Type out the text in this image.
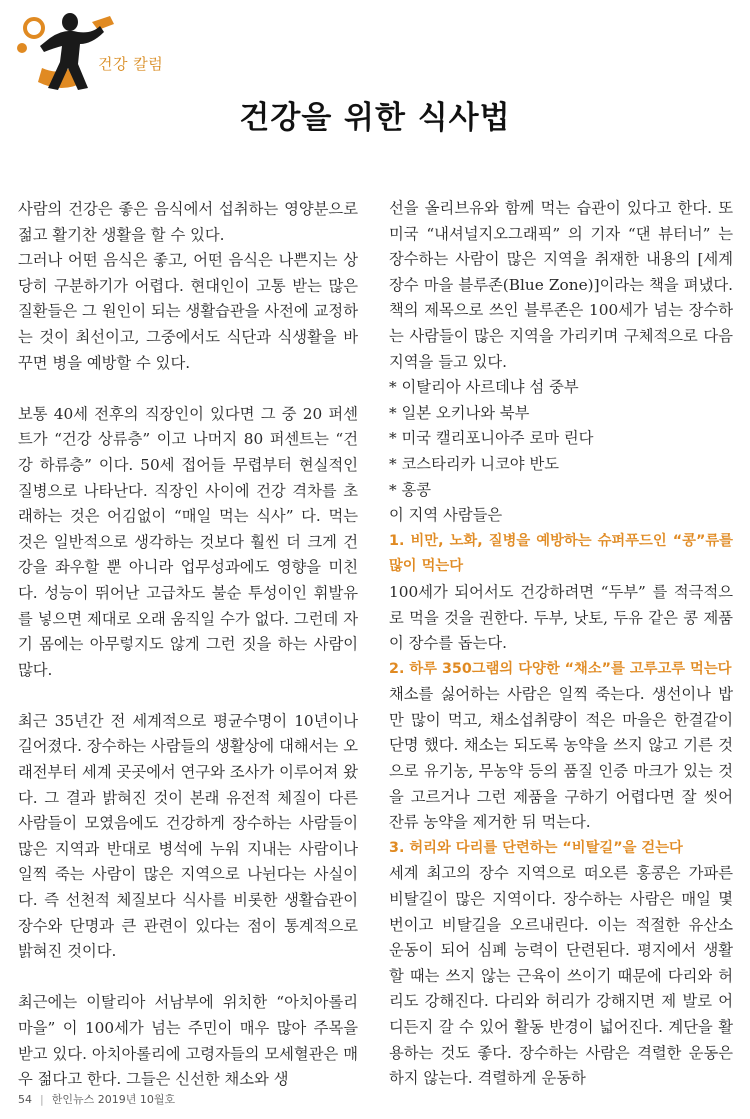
건강 칼럼
건강을 위한 식사법

사람의 건강은 좋은 음식에서 섭취하는 영양분으로 젊고 활기찬 생활을 할 수 있다.

그러나 어떤 음식은 좋고, 어떤 음식은 나쁜지는 상당히 구분하기가 어렵다. 현대인이 고통 받는 많은 질환들은 그 원인이 되는 생활습관을 사전에 교정하는 것이 최선이고, 그중에서도 식단과 식생활을 바꾸면 병을 예방할 수 있다.

보통 40세 전후의 직장인이 있다면 그 중 20 퍼센트가 “건강 상류층” 이고 나머지 80 퍼센트는 “건강 하류층” 이다. 50세 접어들 무렵부터 현실적인 질병으로 나타난다. 직장인 사이에 건강 격차를 초래하는 것은 어김없이 “매일 먹는 식사” 다. 먹는 것은 일반적으로 생각하는 것보다 훨씬 더 크게 건강을 좌우할 뿐 아니라 업무성과에도 영향을 미친다. 성능이 뛰어난 고급차도 불순 투성이인 휘발유를 넣으면 제대로 오래 움직일 수가 없다. 그런데 자기 몸에는 아무렇지도 않게 그런 짓을 하는 사람이 많다.

최근 35년간 전 세계적으로 평균수명이 10년이나 길어졌다. 장수하는 사람들의 생활상에 대해서는 오래전부터 세계 곳곳에서 연구와 조사가 이루어져 왔다. 그 결과 밝혀진 것이 본래 유전적 체질이 다른 사람들이 모였음에도 건강하게 장수하는 사람들이 많은 지역과 반대로 병석에 누워 지내는 사람이나 일찍 죽는 사람이 많은 지역으로 나뉜다는 사실이다. 즉 선천적 체질보다 식사를 비롯한 생활습관이 장수와 단명과 큰 관련이 있다는 점이 통계적으로 밝혀진 것이다.

최근에는 이탈리아 서남부에 위치한 “아치아롤리 마을” 이 100세가 넘는 주민이 매우 많아 주목을 받고 있다. 아치아롤리에 고령자들의 모세혈관은 매우 젊다고 한다. 그들은 신선한 채소와 생

선을 올리브유와 함께 먹는 습관이 있다고 한다. 또 미국 “내셔널지오그래픽” 의 기자 “댄 뷰터너” 는 장수하는 사람이 많은 지역을 취재한 내용의 [세계 장수 마을 블루존(Blue Zone)]이라는 책을 펴냈다. 책의 제목으로 쓰인 블루존은 100세가 넘는 장수하는 사람들이 많은 지역을 가리키며 구체적으로 다음 지역을 들고 있다.

* 이탈리아 사르데냐 섬 중부

* 일본 오키나와 북부

* 미국 캘리포니아주 로마 린다

* 코스타리카 니코야 반도

* 홍콩

이 지역 사람들은

1. 비만, 노화, 질병을 예방하는 슈퍼푸드인 “콩”류를 많이 먹는다

100세가 되어서도 건강하려면 “두부” 를 적극적으로 먹을 것을 권한다. 두부, 낫토, 두유 같은 콩 제품이 장수를 돕는다.

2. 하루 350그램의 다양한 “채소”를 고루고루 먹는다

채소를 싫어하는 사람은 일찍 죽는다. 생선이나 밥만 많이 먹고, 채소섭취량이 적은 마을은 한결같이 단명 했다. 채소는 되도록 농약을 쓰지 않고 기른 것으로 유기농, 무농약 등의 품질 인증 마크가 있는 것을 고르거나 그런 제품을 구하기 어렵다면 잘 씻어 잔류 농약을 제거한 뒤 먹는다.

3. 허리와 다리를 단련하는 “비탈길”을 걷는다

세계 최고의 장수 지역으로 떠오른 홍콩은 가파른 비탈길이 많은 지역이다. 장수하는 사람은 매일 몇 번이고 비탈길을 오르내린다. 이는 적절한 유산소 운동이 되어 심폐 능력이 단련된다. 평지에서 생활할 때는 쓰지 않는 근육이 쓰이기 때문에 다리와 허리도 강해진다. 다리와 허리가 강해지면 제 발로 어디든지 갈 수 있어 활동 반경이 넓어진다. 계단을 활용하는 것도 좋다. 장수하는 사람은 격렬한 운동은 하지 않는다. 격렬하게 운동하

54 | 한인뉴스 2019년 10월호
